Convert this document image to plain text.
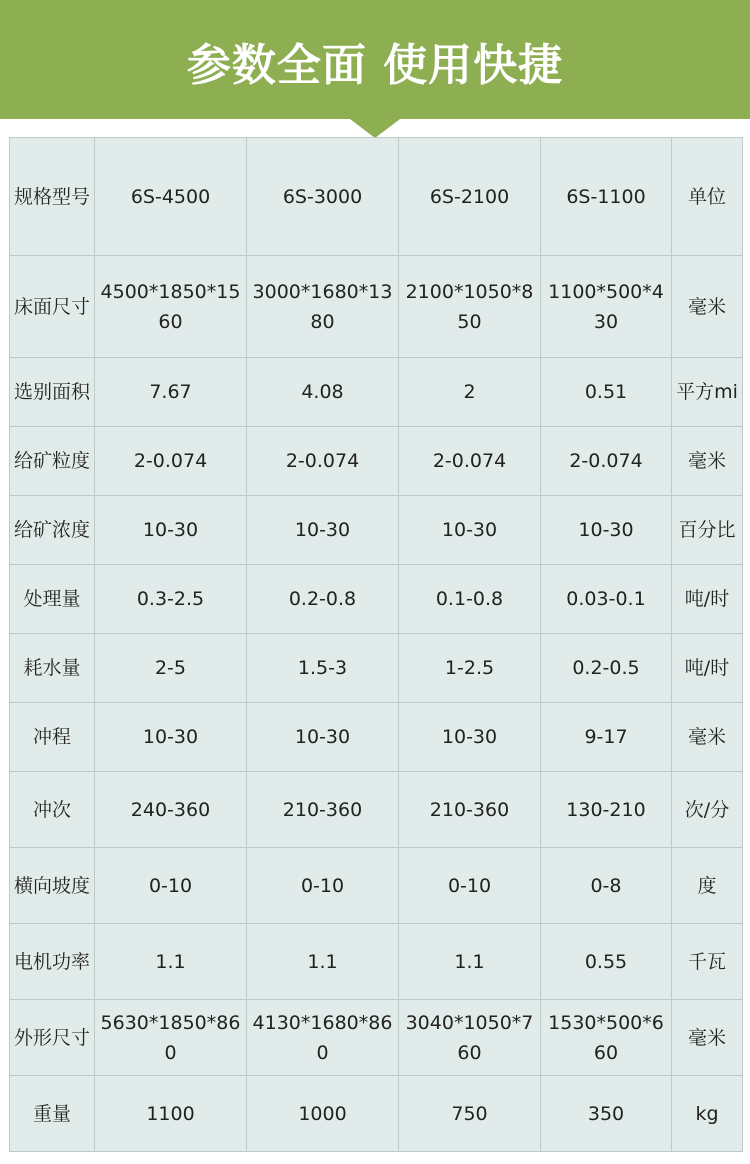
参数全面 使用快捷
规格型号	6S-4500	6S-3000	6S-2100	6S-1100	单位
床面尺寸	4500*1850*1560	3000*1680*1380	2100*1050*850	1100*500*430	毫米
选别面积	7.67	4.08	2	0.51	平方mi
给矿粒度	2-0.074	2-0.074	2-0.074	2-0.074	毫米
给矿浓度	10-30	10-30	10-30	10-30	百分比
处理量	0.3-2.5	0.2-0.8	0.1-0.8	0.03-0.1	吨/时
耗水量	2-5	1.5-3	1-2.5	0.2-0.5	吨/时
冲程	10-30	10-30	10-30	9-17	毫米
冲次	240-360	210-360	210-360	130-210	次/分
横向坡度	0-10	0-10	0-10	0-8	度
电机功率	1.1	1.1	1.1	0.55	千瓦
外形尺寸	5630*1850*860	4130*1680*860	3040*1050*760	1530*500*660	毫米
重量	1100	1000	750	350	kg
